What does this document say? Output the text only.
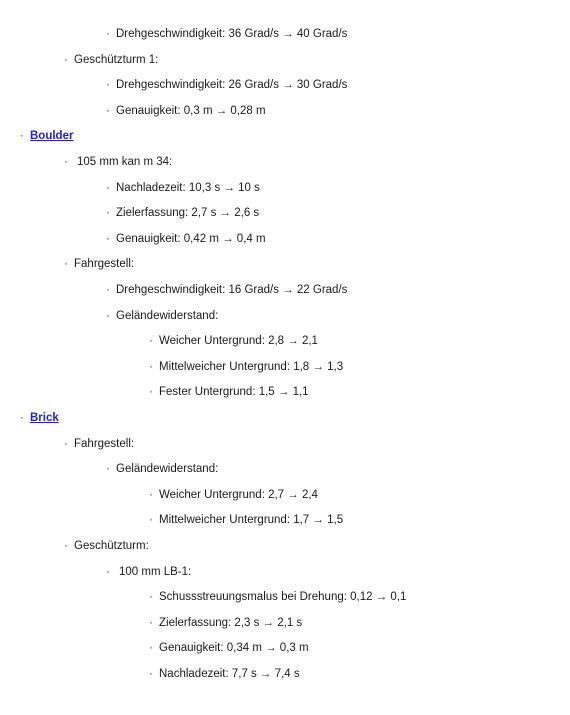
· Drehgeschwindigkeit: 36 Grad/s → 40 Grad/s
· Geschützturm 1:
· Drehgeschwindigkeit: 26 Grad/s → 30 Grad/s
· Genauigkeit: 0,3 m → 0,28 m
· Boulder
· 105 mm kan m 34:
· Nachladezeit: 10,3 s → 10 s
· Zielerfassung: 2,7 s → 2,6 s
· Genauigkeit: 0,42 m → 0,4 m
· Fahrgestell:
· Drehgeschwindigkeit: 16 Grad/s → 22 Grad/s
· Geländewiderstand:
· Weicher Untergrund: 2,8 → 2,1
· Mittelweicher Untergrund: 1,8 → 1,3
· Fester Untergrund: 1,5 → 1,1
· Brick
· Fahrgestell:
· Geländewiderstand:
· Weicher Untergrund: 2,7 → 2,4
· Mittelweicher Untergrund: 1,7 → 1,5
· Geschützturm:
· 100 mm LB-1:
· Schussstreuungsmalus bei Drehung: 0,12 → 0,1
· Zielerfassung: 2,3 s → 2,1 s
· Genauigkeit: 0,34 m → 0,3 m
· Nachladezeit: 7,7 s → 7,4 s
